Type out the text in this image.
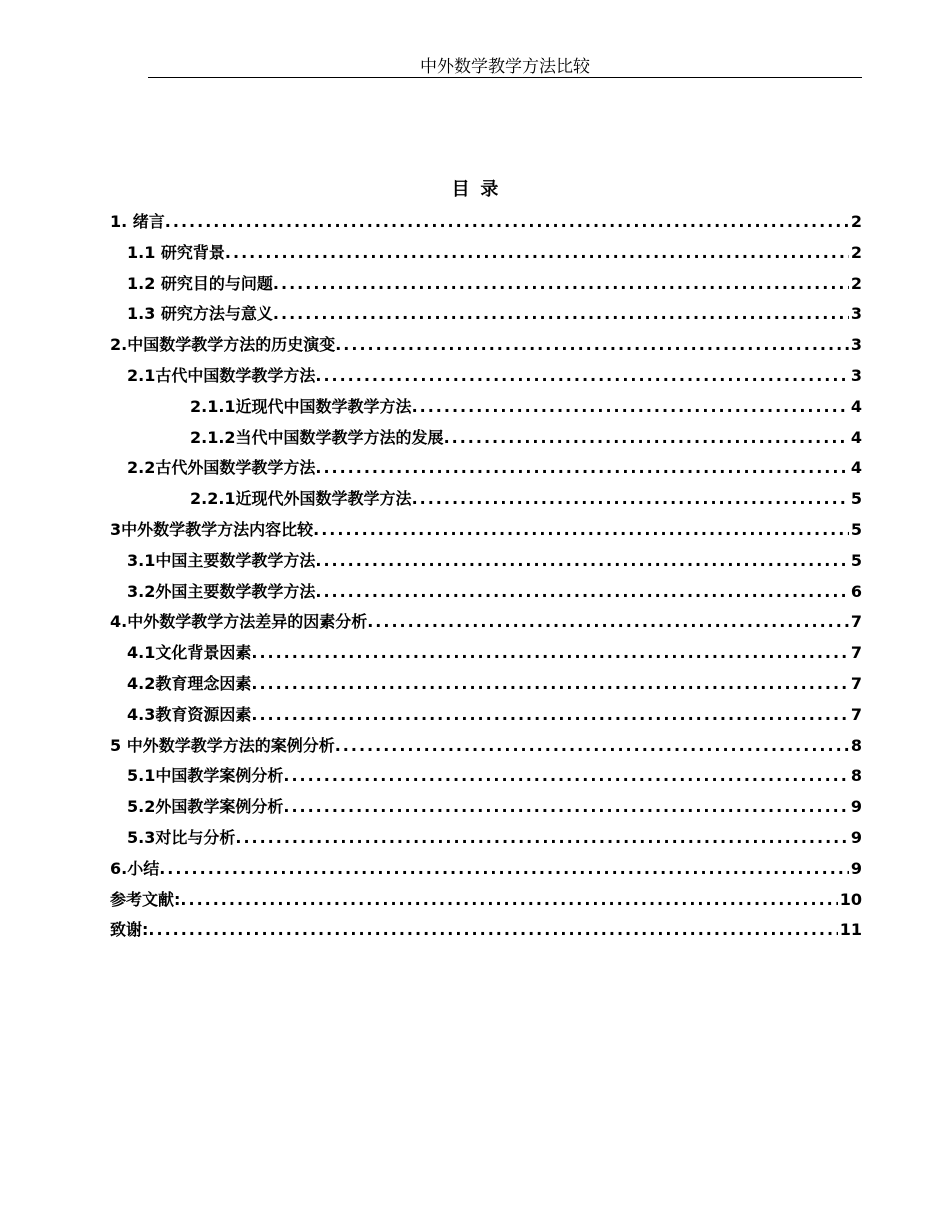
中外数学教学方法比较
目录
1. 绪言 .....	2
1.1 研究背景 .....	2
1.2 研究目的与问题 .....	2
1.3 研究方法与意义 .....	3
2.中国数学教学方法的历史演变 .....	3
2.1古代中国数学教学方法 .....	3
2.1.1近现代中国数学教学方法 .....	4
2.1.2当代中国数学教学方法的发展 .....	4
2.2古代外国数学教学方法 .....	4
2.2.1近现代外国数学教学方法 .....	5
3中外数学教学方法内容比较 .....	5
3.1中国主要数学教学方法 .....	5
3.2外国主要数学教学方法 .....	6
4.中外数学教学方法差异的因素分析 .....	7
4.1文化背景因素 .....	7
4.2教育理念因素 .....	7
4.3教育资源因素 .....	7
5 中外数学教学方法的案例分析 .....	8
5.1中国教学案例分析 .....	8
5.2外国教学案例分析 .....	9
5.3对比与分析 .....	9
6.小结 .....	9
参考文献: .....	10
致谢: .....	11
